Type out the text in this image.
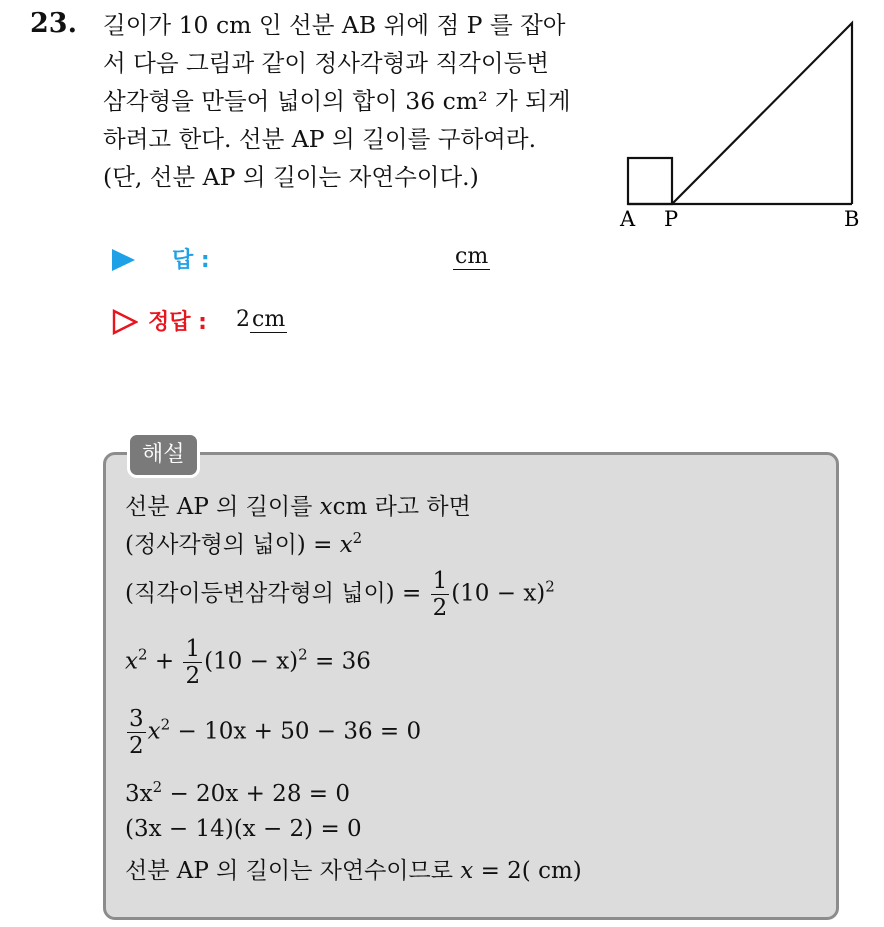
23. 길이가 10 cm 인 선분 AB 위에 점 P 를 잡아
서 다음 그림과 같이 정사각형과 직각이등변
삼각형을 만들어 넓이의 합이 36 cm² 가 되게
하려고 한다. 선분 AP 의 길이를 구하여라.
(단, 선분 AP 의 길이는 자연수이다.)
A P	B
답 :	cm
정답 : 2cm
해설
선분 AP 의 길이를 xcm 라고 하면
(정사각형의 넓이) = $x^2$
(직각이등변삼각형의 넓이) = $\frac{1}{2} (10 - x)^2$
$x^2 + \frac{1}{2} (10 - x)^2 = 36$
$\frac{3}{2} x^2 - 10x + 50 - 36 = 0$
$3x^2 - 20x + 28 = 0$
(3x − 14)(x − 2) = 0
선분 AP 의 길이는 자연수이므로 x = 2( cm)
